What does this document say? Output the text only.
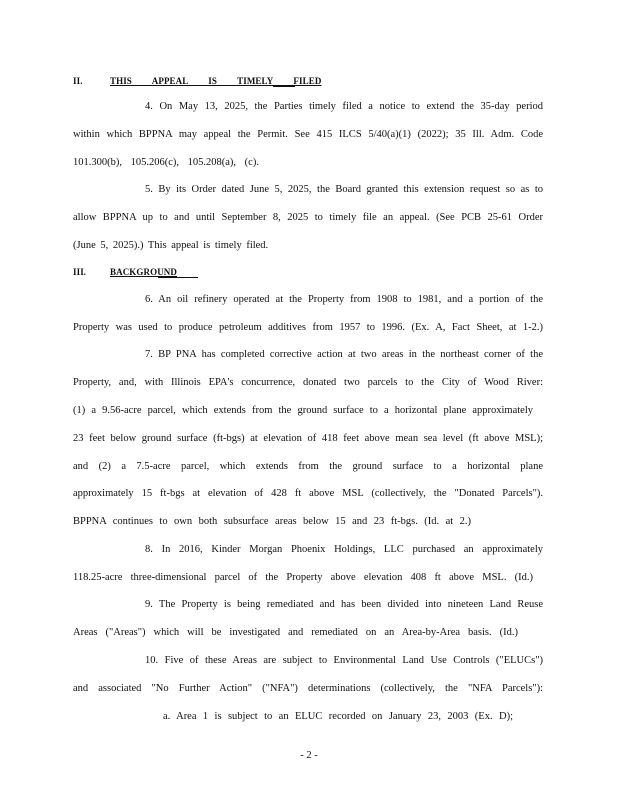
II.	THIS APPEAL IS TIMELY FILED
4. On May 13, 2025, the Parties timely filed a notice to extend the 35-day period
within which BPPNA may appeal the Permit. See 415 ILCS 5/40(a)(1) (2022); 35 Ill. Adm. Code
101.300(b), 105.206(c), 105.208(a), (c).
5. By its Order dated June 5, 2025, the Board granted this extension request so as to
allow BPPNA up to and until September 8, 2025 to timely file an appeal. (See PCB 25-61 Order
(June 5, 2025).) This appeal is timely filed.
III.	BACKGROUND
6. An oil refinery operated at the Property from 1908 to 1981, and a portion of the
Property was used to produce petroleum additives from 1957 to 1996. (Ex. A, Fact Sheet, at 1-2.)
7. BP PNA has completed corrective action at two areas in the northeast corner of the
Property, and, with Illinois EPA's concurrence, donated two parcels to the City of Wood River:
(1) a 9.56-acre parcel, which extends from the ground surface to a horizontal plane approximately
23 feet below ground surface (ft-bgs) at elevation of 418 feet above mean sea level (ft above MSL);
and (2) a 7.5-acre parcel, which extends from the ground surface to a horizontal plane
approximately 15 ft-bgs at elevation of 428 ft above MSL (collectively, the "Donated Parcels").
BPPNA continues to own both subsurface areas below 15 and 23 ft-bgs. (Id. at 2.)
8. In 2016, Kinder Morgan Phoenix Holdings, LLC purchased an approximately
118.25-acre three-dimensional parcel of the Property above elevation 408 ft above MSL. (Id.)
9. The Property is being remediated and has been divided into nineteen Land Reuse
Areas ("Areas") which will be investigated and remediated on an Area-by-Area basis. (Id.)
10. Five of these Areas are subject to Environmental Land Use Controls ("ELUCs")
and associated "No Further Action" ("NFA") determinations (collectively, the "NFA Parcels"):
a. Area 1 is subject to an ELUC recorded on January 23, 2003 (Ex. D);
- 2 -
